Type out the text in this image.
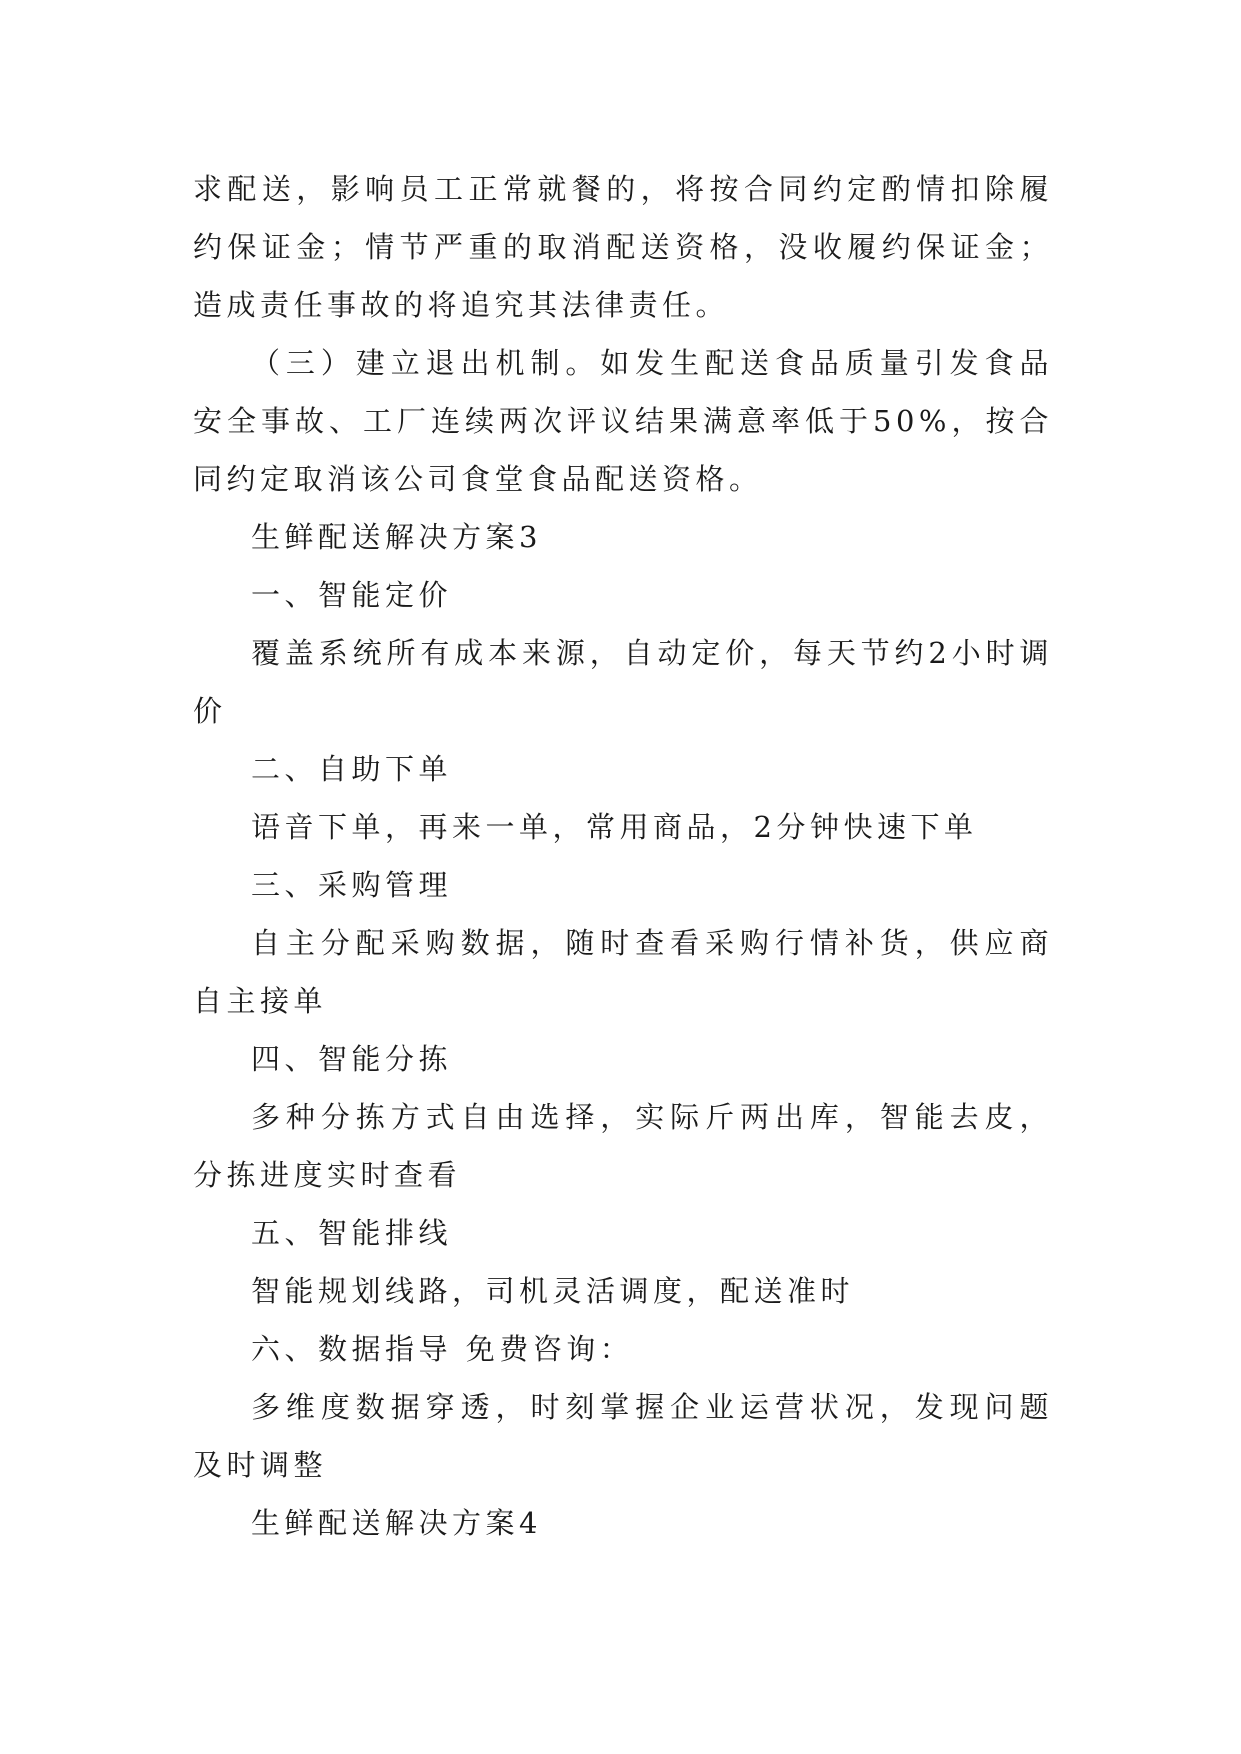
求配送，影响员工正常就餐的，将按合同约定酌情扣除履约保证金；情节严重的取消配送资格，没收履约保证金；造成责任事故的将追究其法律责任。

（三）建立退出机制。如发生配送食品质量引发食品安全事故、工厂连续两次评议结果满意率低于50%，按合同约定取消该公司食堂食品配送资格。

生鲜配送解决方案3

一、智能定价

覆盖系统所有成本来源，自动定价，每天节约2小时调价

二、自助下单

语音下单，再来一单，常用商品，2分钟快速下单

三、采购管理

自主分配采购数据，随时查看采购行情补货，供应商自主接单

四、智能分拣

多种分拣方式自由选择，实际斤两出库，智能去皮，分拣进度实时查看

五、智能排线

智能规划线路，司机灵活调度，配送准时

六、数据指导 免费咨询：

多维度数据穿透，时刻掌握企业运营状况，发现问题及时调整

生鲜配送解决方案4
